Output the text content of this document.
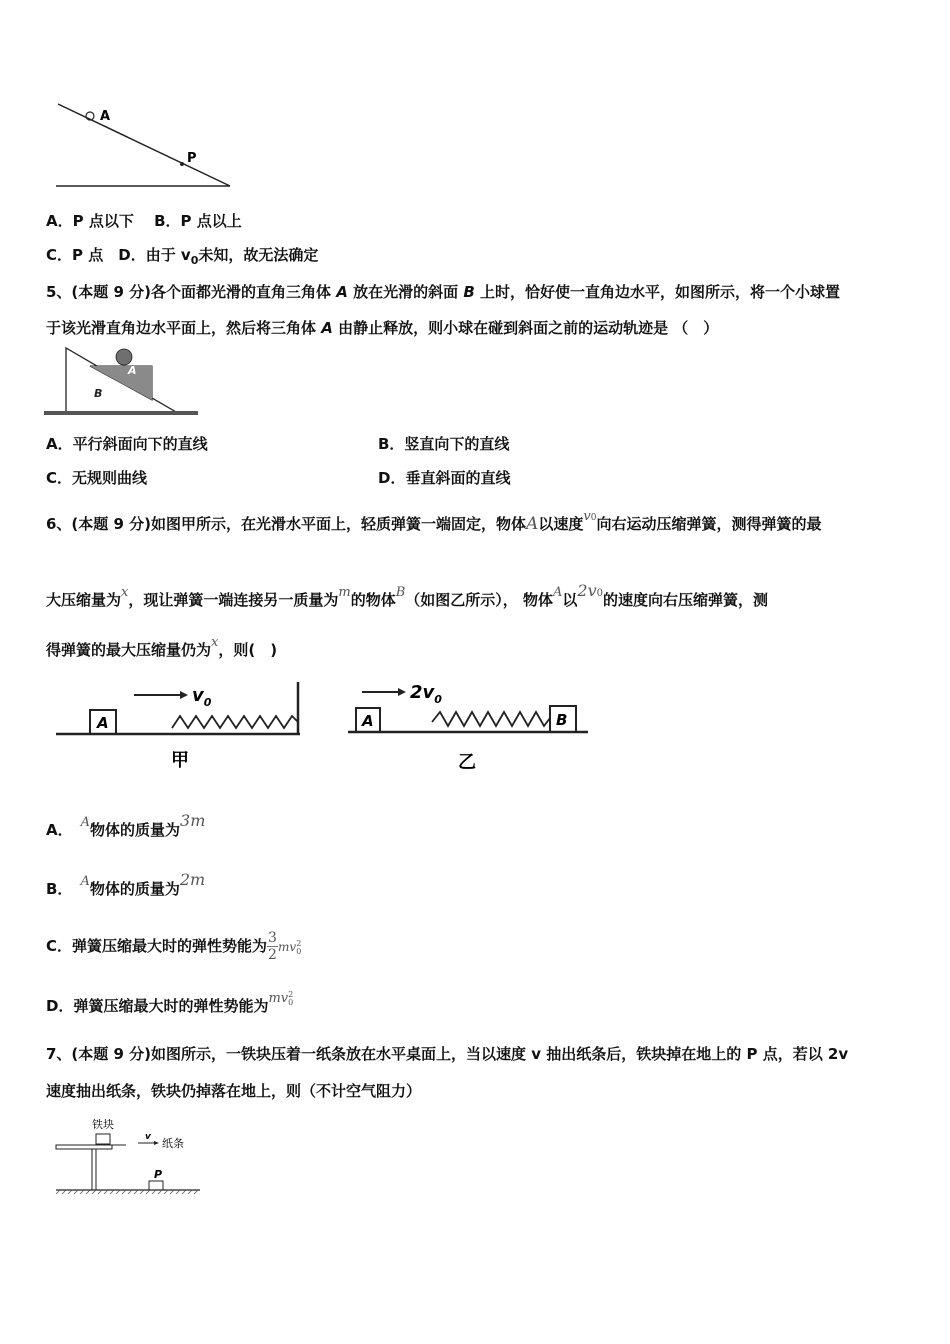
A
P
A．P 点以下　 B．P 点以上
C．P 点　 D．由于 $v_0$未知，故无法确定
5、(本题 9 分)各个面都光滑的直角三角体 A 放在光滑的斜面 B 上时，恰好使一直角边水平，如图所示，将一个小球置
于该光滑直角边水平面上，然后将三角体 A 由静止释放，则小球在碰到斜面之前的运动轨迹是 （　）
A
B
A．平行斜面向下的直线	B．竖直向下的直线
C．无规则曲线	D．垂直斜面的直线
6、(本题 9 分)如图甲所示，在光滑水平面上，轻质弹簧一端固定，物体A以速度v0向右运动压缩弹簧，测得弹簧的最
大压缩量为x，现让弹簧一端连接另一质量为m的物体B（如图乙所示）， 物体A以2v0的速度向右压缩弹簧，测
得弹簧的最大压缩量仍为x，则(　)
A
$v_0$
甲
A	B
$2v_0$
乙
A． A物体的质量为3m
B． A物体的质量为2m
C．弹簧压缩最大时的弹性势能为$\frac{3}{2}mv2$
0
D．弹簧压缩最大时的弹性势能为mv2
0
7、(本题 9 分)如图所示，一铁块压着一纸条放在水平桌面上，当以速度 v 抽出纸条后，铁块掉在地上的 P 点，若以 2v
速度抽出纸条，铁块仍掉落在地上，则（不计空气阻力）
铁块
v 纸条
P
